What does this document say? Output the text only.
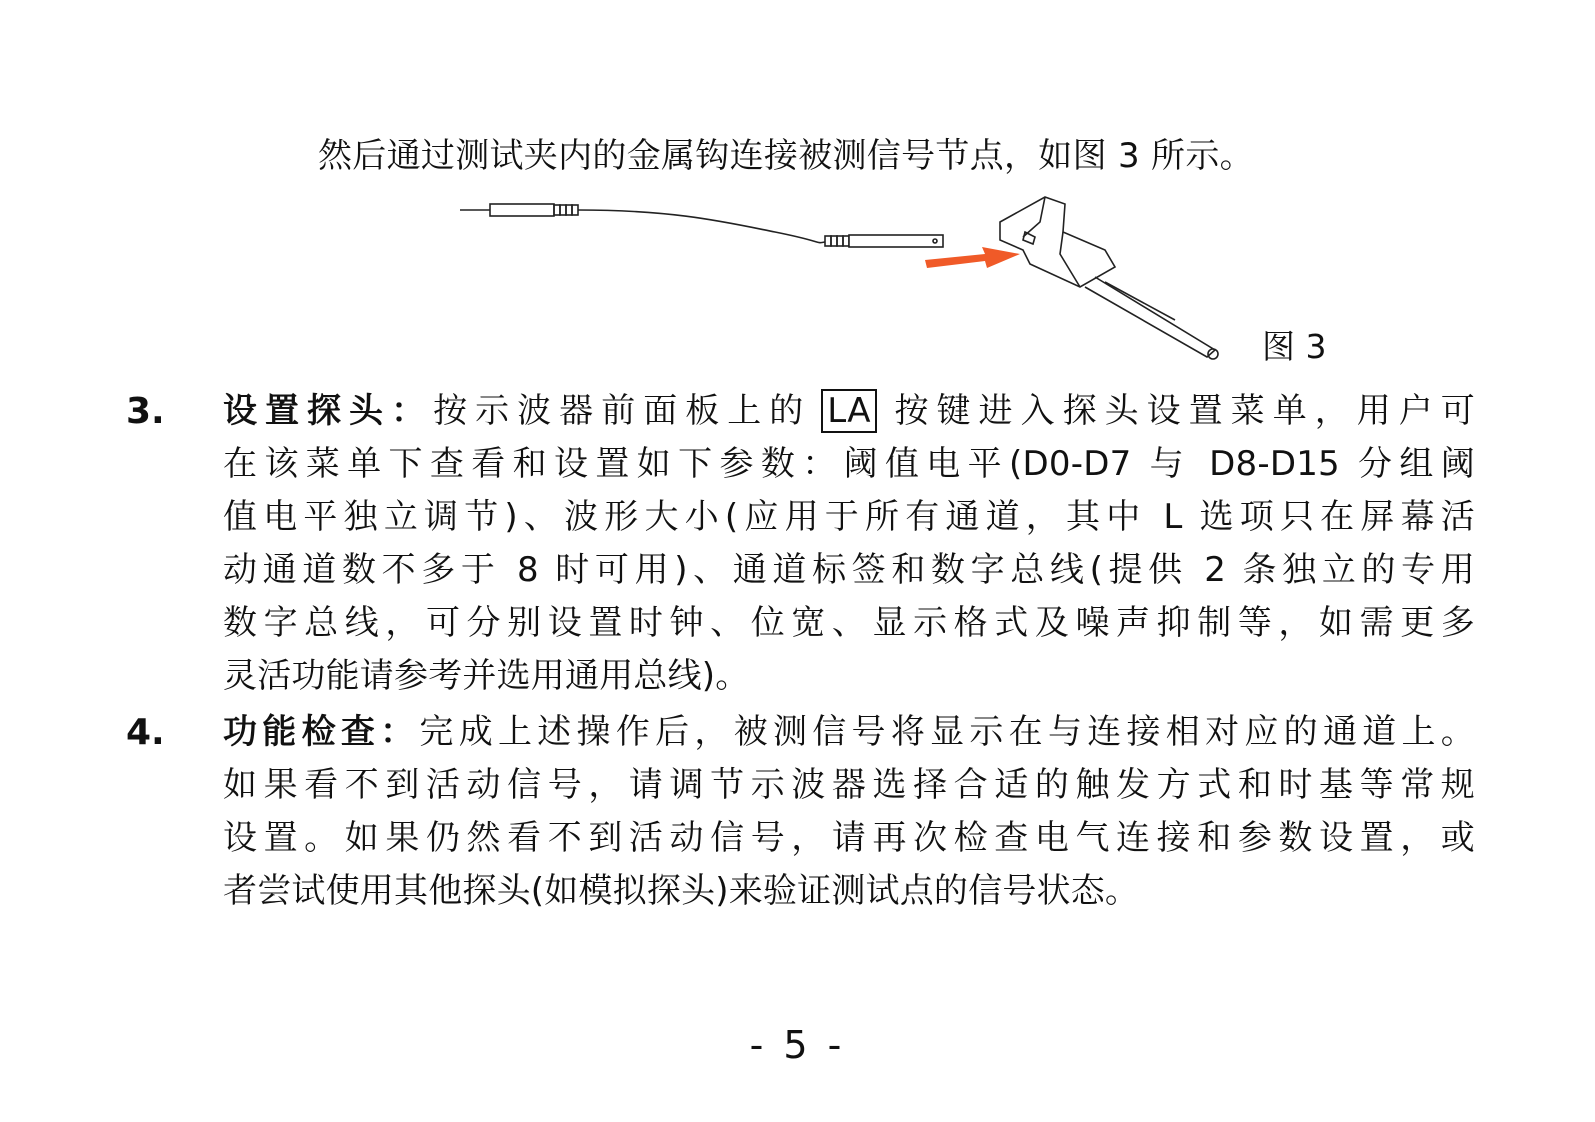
然后通过测试夹内的金属钩连接被测信号节点，如图 3 所示。
图 3
3. 设置探头：按示波器前面板上的 LA 按键进入探头设置菜单，用户可
在该菜单下查看和设置如下参数：阈值电平(D0-D7 与 D8-D15 分组阈
值电平独立调节)、波形大小(应用于所有通道，其中 L 选项只在屏幕活
动通道数不多于 8 时可用)、通道标签和数字总线(提供 2 条独立的专用
数字总线，可分别设置时钟、位宽、显示格式及噪声抑制等，如需更多
灵活功能请参考并选用通用总线)。
4. 功能检查：完成上述操作后，被测信号将显示在与连接相对应的通道上。
如果看不到活动信号，请调节示波器选择合适的触发方式和时基等常规
设置。如果仍然看不到活动信号，请再次检查电气连接和参数设置，或
者尝试使用其他探头(如模拟探头)来验证测试点的信号状态。
- 5 -
